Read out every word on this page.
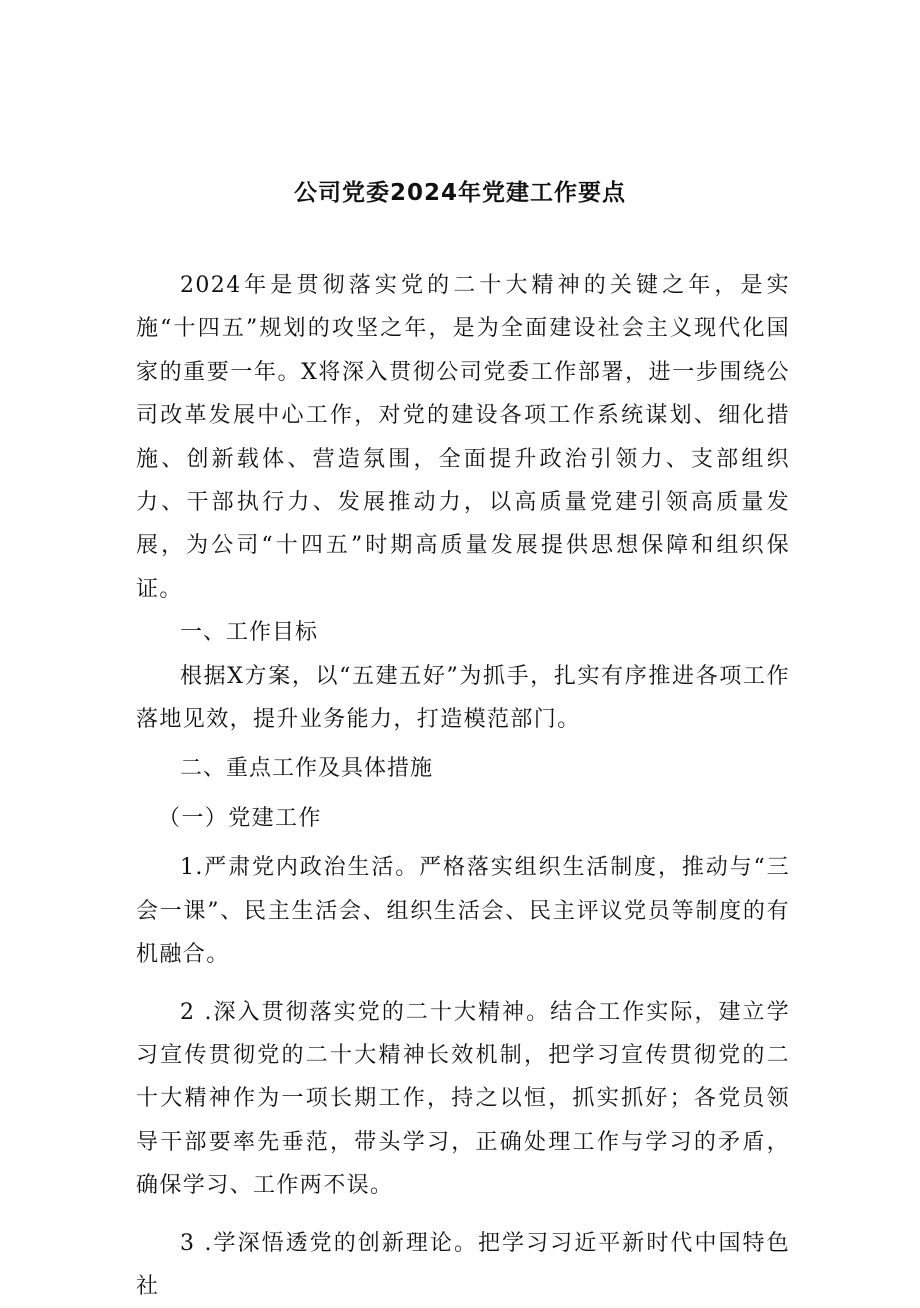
公司党委2024年党建工作要点

2024年是贯彻落实党的二十大精神的关键之年，是实施“十四五”规划的攻坚之年，是为全面建设社会主义现代化国家的重要一年。X将深入贯彻公司党委工作部署，进一步围绕公司改革发展中心工作，对党的建设各项工作系统谋划、细化措施、创新载体、营造氛围，全面提升政治引领力、支部组织力、干部执行力、发展推动力，以高质量党建引领高质量发展，为公司“十四五”时期高质量发展提供思想保障和组织保证。

一、工作目标

根据X方案，以“五建五好”为抓手，扎实有序推进各项工作落地见效，提升业务能力，打造模范部门。

二、重点工作及具体措施

（一）党建工作

1.严肃党内政治生活。严格落实组织生活制度，推动与“三会一课”、民主生活会、组织生活会、民主评议党员等制度的有机融合。

2 .深入贯彻落实党的二十大精神。结合工作实际，建立学习宣传贯彻党的二十大精神长效机制，把学习宣传贯彻党的二十大精神作为一项长期工作，持之以恒，抓实抓好；各党员领导干部要率先垂范，带头学习，正确处理工作与学习的矛盾，确保学习、工作两不误。

3 .学深悟透党的创新理论。把学习习近平新时代中国特色社
